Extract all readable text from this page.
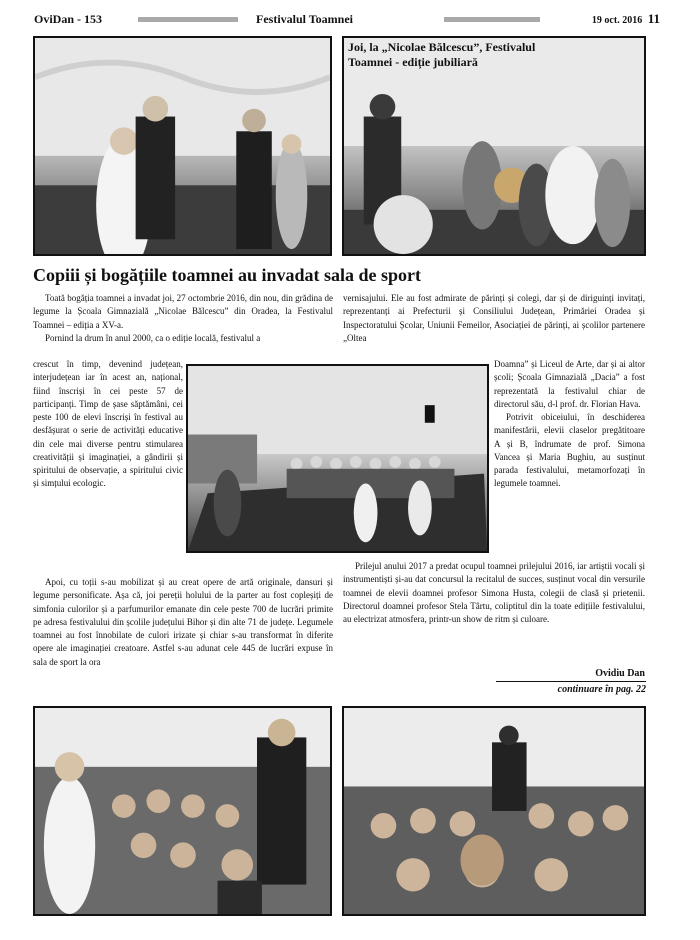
OviDan - 153	Festivalul Toamnei	19 oct. 2016 11
Joi, la „Nicolae Bălcescu”, Festivalul Toamnei - ediție jubiliară
Copiii și bogățiile toamnei au invadat sala de sport

Toată bogăția toamnei a invadat joi, 27 octombrie 2016, din nou, din grădina de legume la Școala Gimnazială „Nicolae Bălcescu” din Oradea, la Festivalul Toamnei – ediția a XV-a.

Pornind la drum în anul 2000, ca o ediție locală, festivalul a

crescut în timp, devenind județean, interjudețean iar în acest an, național, fiind înscriși în cei peste 57 de participanți. Timp de șase săptămâni, cei peste 100 de elevi înscriși în festival au desfășurat o serie de activități educative din cele mai diverse pentru stimularea creativității și imaginației, a gândirii și spiritului de observație, a spiritului civic și simțului ecologic.

Apoi, cu toții s-au mobilizat și au creat opere de artă originale, dansuri și legume personificate. Așa că, joi pereții holului de la parter au fost copleșiți de simfonia culorilor și a parfumurilor emanate din cele peste 700 de lucrări primite pe adresa festivalului din școlile județului Bihor și din alte 71 de județe. Legumele toamnei au fost înnobilate de culori irizate și chiar s-au transformat în diferite opere ale imaginației creatoare. Astfel s-au adunat cele 445 de lucrări expuse în sala de sport la ora

vernisajului. Ele au fost admirate de părinți și colegi, dar și de diriguinți invitați, reprezentanți ai Prefecturii și Consiliului Județean, Primăriei Oradea și Inspectoratului Școlar, Uniunii Femeilor, Asociației de părinți, ai școlilor partenere „Oltea

Doamna” și Liceul de Arte, dar și ai altor școli; Școala Gimnazială „Dacia” a fost reprezentată la festivalul chiar de directorul său, d-l prof. dr. Florian Hava.

Potrivit obiceiului, în deschiderea manifestării, elevii claselor pregătitoare A și B, îndrumate de prof. Simona Vancea și Maria Bughiu, au susținut parada festivalului, metamorfozați în legumele toamnei.

Prilejul anului 2017 a predat ocupul toamnei prilejului 2016, iar artiștii vocali și instrumentiști și-au dat concursul la recitalul de succes, susținut vocal din versurile toamnei de elevii doamnei profesor Simona Husta, colegii de clasă și prietenii. Directorul doamnei profesor Stela Târtu, coliptitul din la toate edițiile festivalului, au electrizat atmosfera, printr-un show de ritm și culoare.

Ovidiu Dan
continuare în pag. 22
